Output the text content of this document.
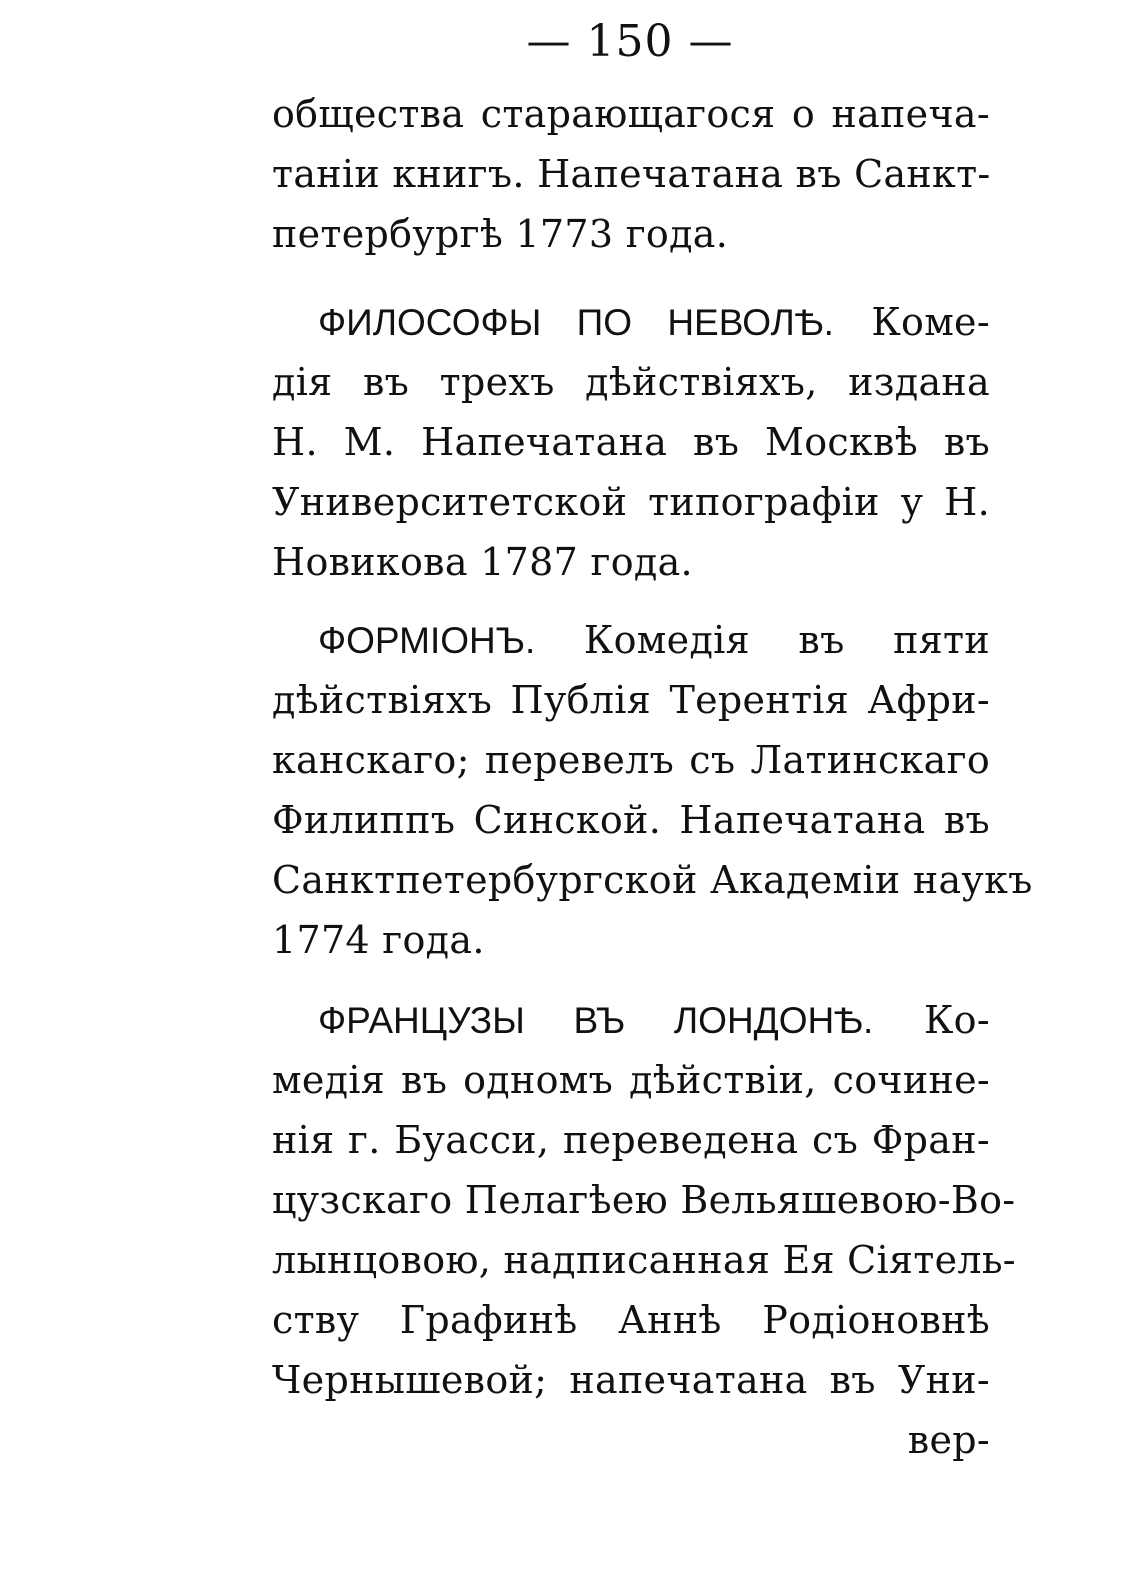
— 150 —
общества старающагося о напеча-
таніи книгъ. Напечатана въ Санкт-
петербургѣ 1773 года.
ФИЛОСОФЫ ПО НЕВОЛѢ. Коме-
дія въ трехъ дѣйствіяхъ, издана
Н. М. Напечатана въ Москвѣ въ
Университетской типографіи у Н.
Новикова 1787 года.
ФОРМІОНЪ. Комедія въ пяти
дѣйствіяхъ Публія Терентія Афри-
канскаго; перевелъ съ Латинскаго
Филиппъ Синской. Напечатана въ
Санктпетербургской Академіи наукъ
1774 года.
ФРАНЦУЗЫ ВЪ ЛОНДОНѢ. Ко-
медія въ одномъ дѣйствіи, сочине-
нія г. Буасси, переведена съ Фран-
цузскаго Пелагѣею Вельяшевою-Во-
лынцовою, надписанная Ея Сіятель-
ству Графинѣ Аннѣ Родіоновнѣ
Чернышевой; напечатана въ Уни-
вер-
